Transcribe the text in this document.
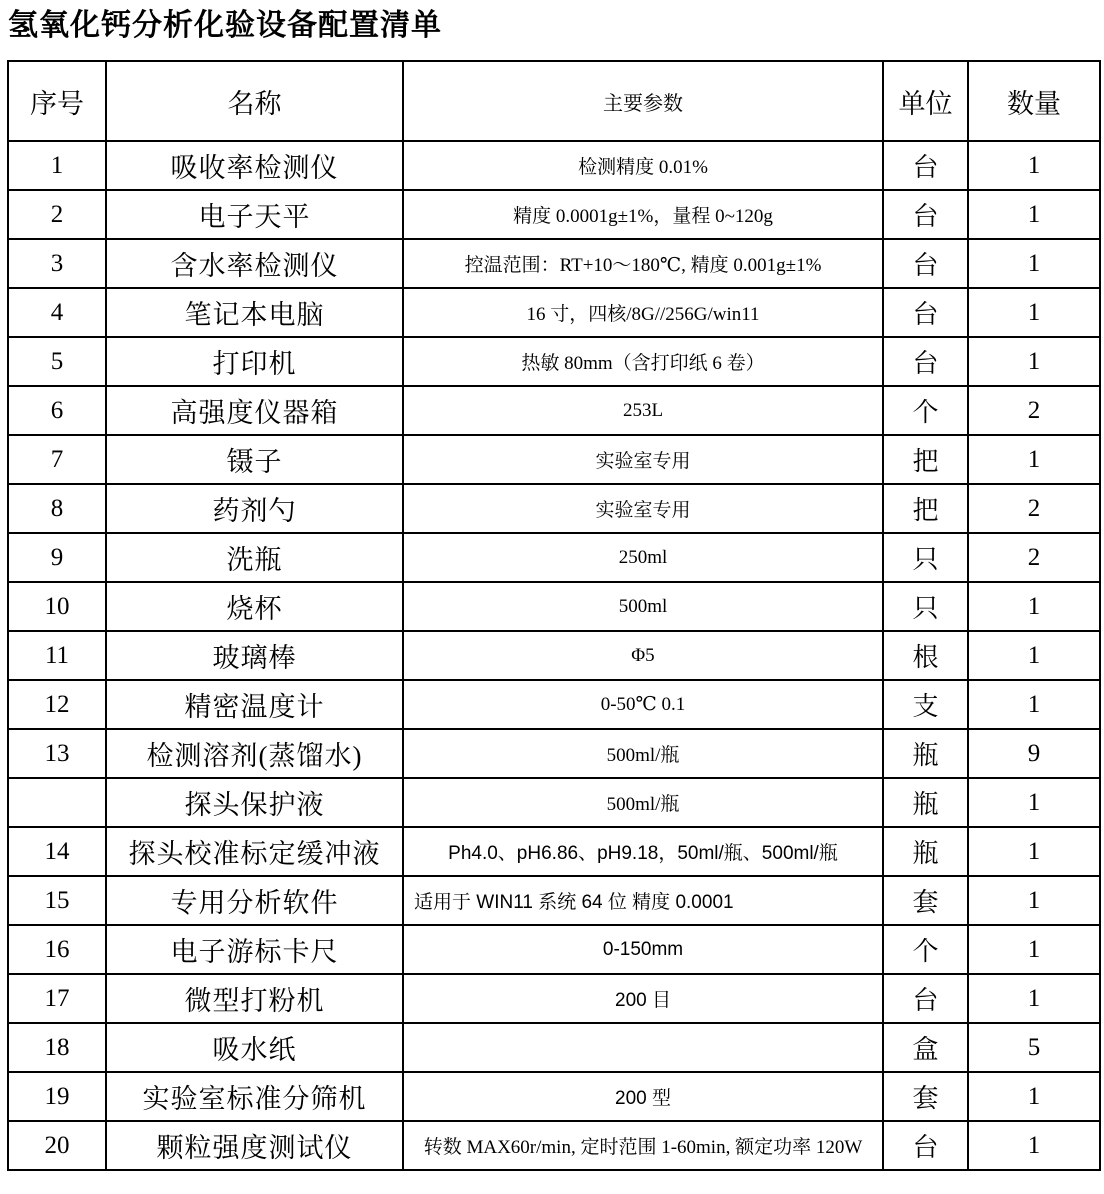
氢氧化钙分析化验设备配置清单
序号	名称	主要参数	单位	数量
1	吸收率检测仪	检测精度 0.01%	台	1
2	电子天平	精度 0.0001g±1%，量程 0~120g	台	1
3	含水率检测仪	控温范围：RT+10～180℃, 精度 0.001g±1%	台	1
4	笔记本电脑	16 寸，四核/8G//256G/win11	台	1
5	打印机	热敏 80mm（含打印纸 6 卷）	台	1
6	高强度仪器箱	253L	个	2
7	镊子	实验室专用	把	1
8	药剂勺	实验室专用	把	2
9	洗瓶	250ml	只	2
10	烧杯	500ml	只	1
11	玻璃棒	Φ5	根	1
12	精密温度计	0-50℃ 0.1	支	1
13	检测溶剂(蒸馏水)	500ml/瓶	瓶	9
	探头保护液	500ml/瓶	瓶	1
14	探头校准标定缓冲液	Ph4.0、pH6.86、pH9.18，50ml/瓶、500ml/瓶	瓶	1
15	专用分析软件	适用于 WIN11 系统 64 位 精度 0.0001	套	1
16	电子游标卡尺	0-150mm	个	1
17	微型打粉机	200 目	台	1
18	吸水纸		盒	5
19	实验室标准分筛机	200 型	套	1
20	颗粒强度测试仪	转数 MAX60r/min, 定时范围 1-60min, 额定功率 120W	台	1
